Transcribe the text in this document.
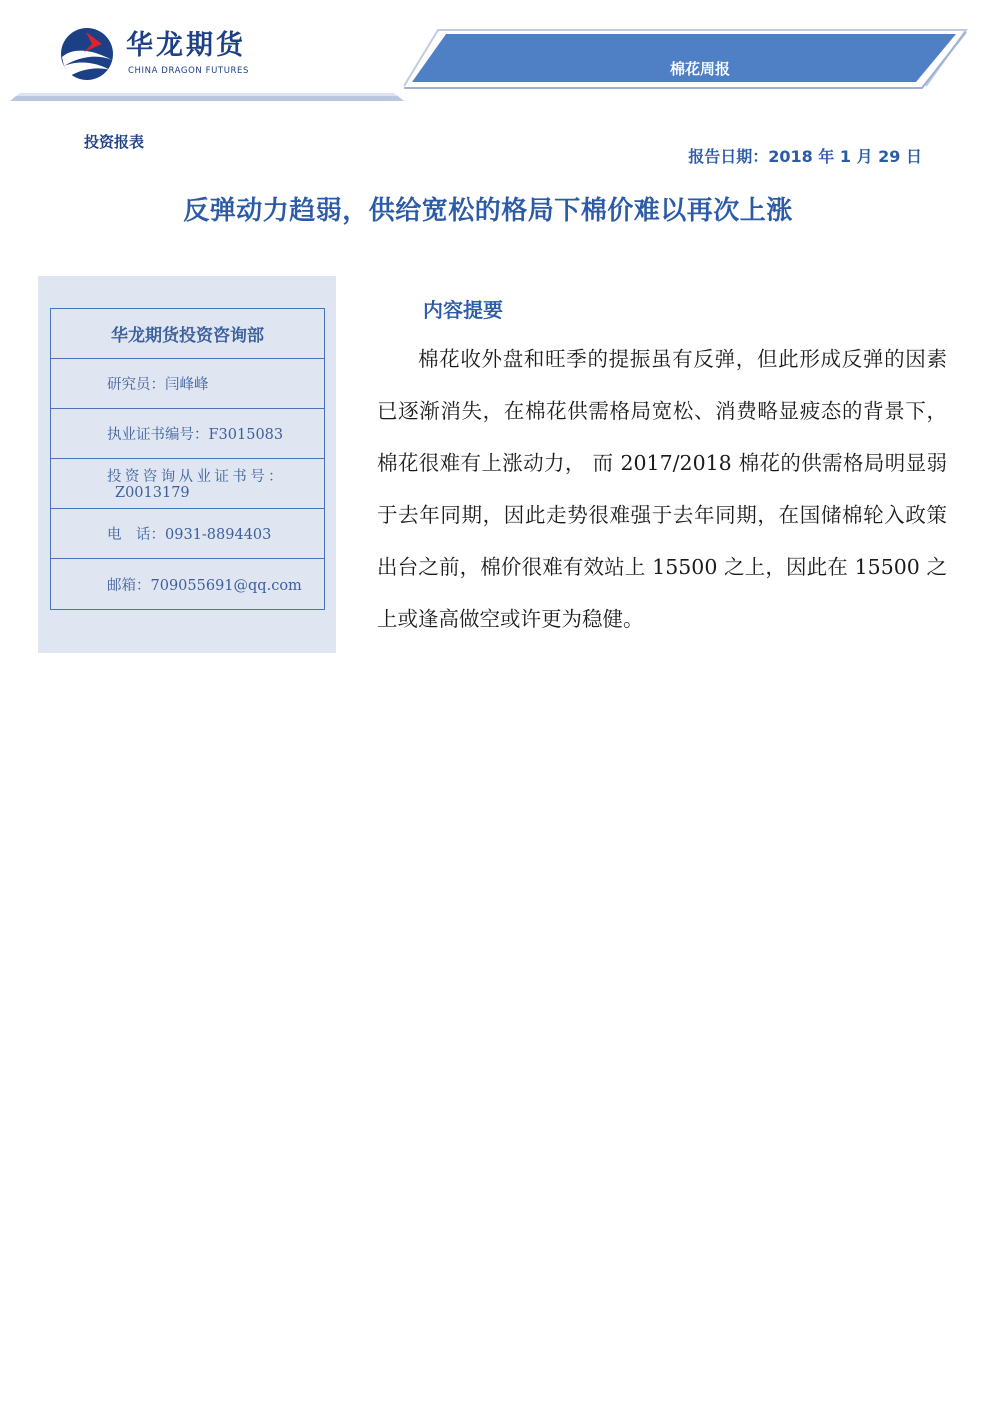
华龙期货
CHINA DRAGON FUTURES	棉花周报
投资报表
报告日期：2018 年 1 月 29 日
反弹动力趋弱，供给宽松的格局下棉价难以再次上涨
华龙期货投资咨询部
研究员：闫峰峰
执业证书编号：F3015083
投资咨询从业证书号：
Z0013179
电　话：0931-8894403
邮箱：709055691@qq.com
内容提要
棉花收外盘和旺季的提振虽有反弹，但此形成反弹的因素已逐渐消失，在棉花供需格局宽松、消费略显疲态的背景下，棉花很难有上涨动力， 而 2017/2018 棉花的供需格局明显弱于去年同期，因此走势很难强于去年同期，在国储棉轮入政策出台之前，棉价很难有效站上 15500 之上，因此在 15500 之上或逢高做空或许更为稳健。
